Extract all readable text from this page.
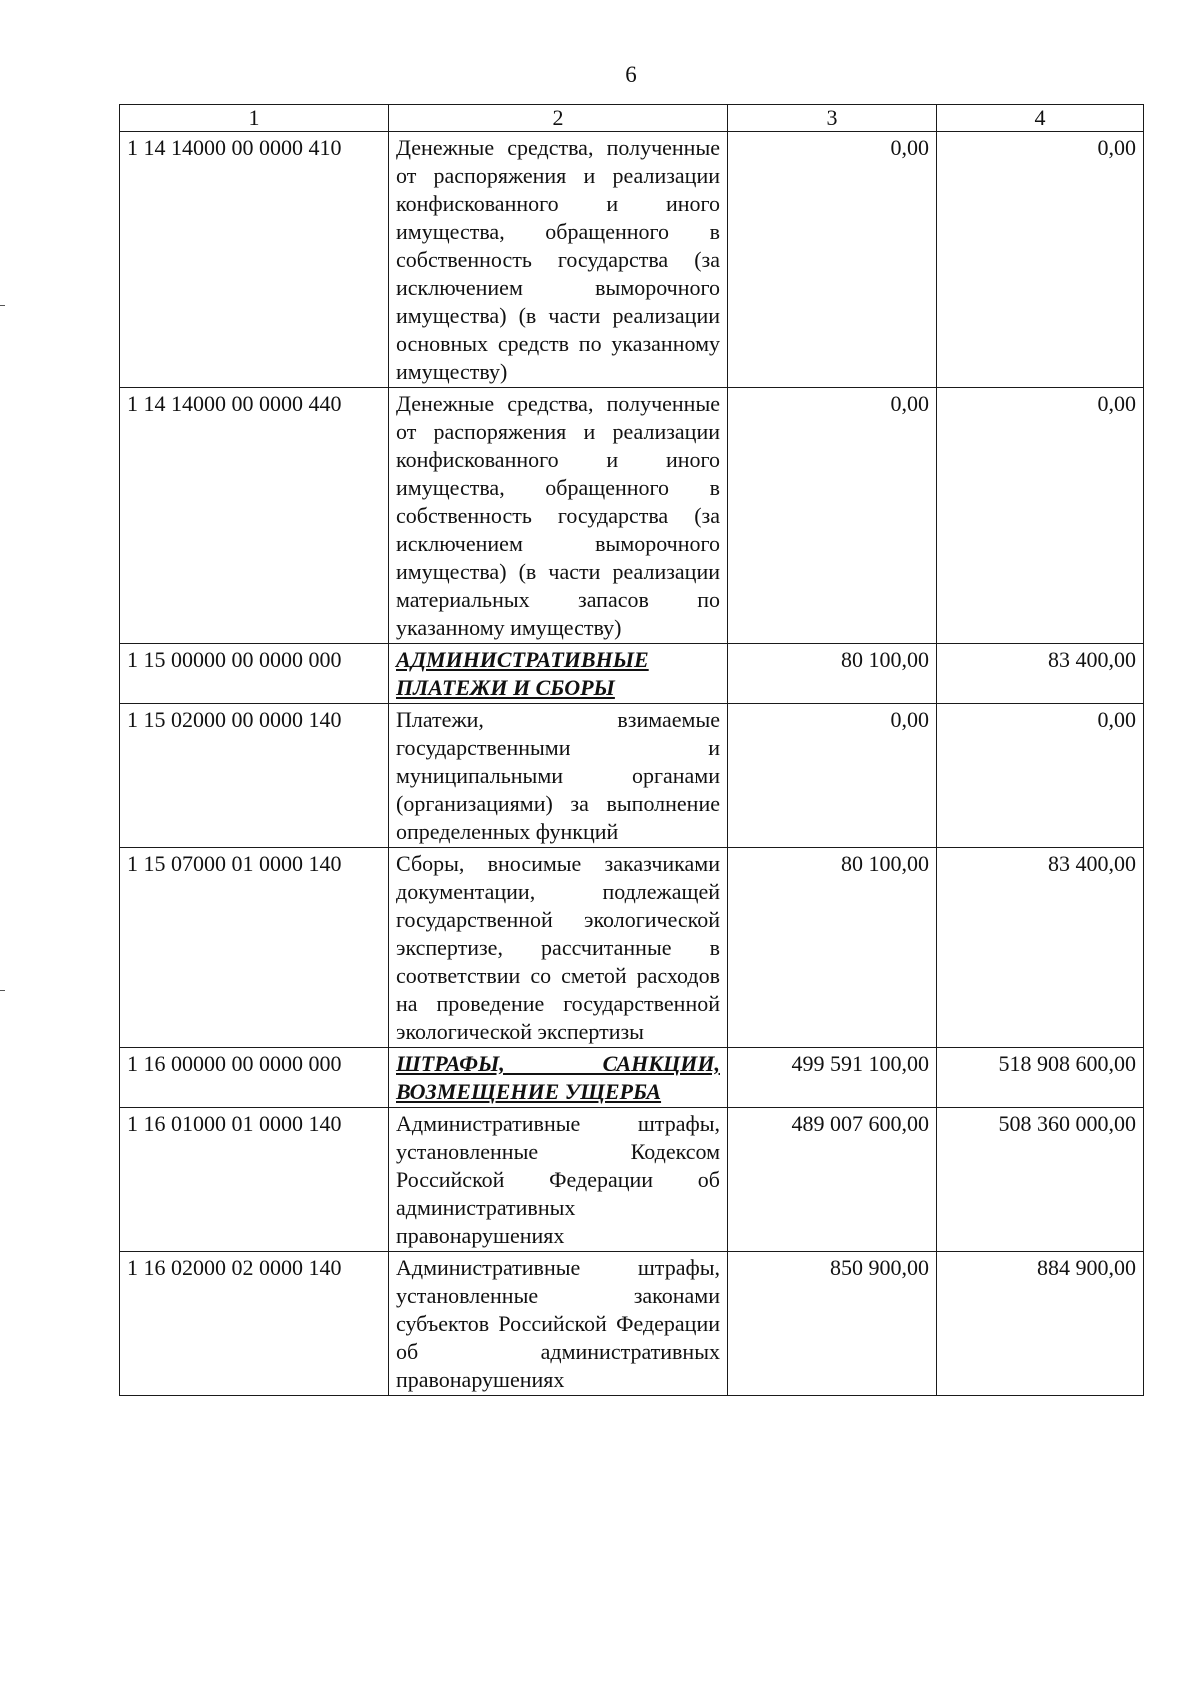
6
1	2	3	4
1 14 14000 00 0000 410	Денежные средства, полученные от распоряжения и реализации конфискованного и иного имущества, обращенного в собственность государства (за исключением выморочного имущества) (в части реализации основных средств по указанному имуществу)	0,00	0,00
1 14 14000 00 0000 440	Денежные средства, полученные от распоряжения и реализации конфискованного и иного имущества, обращенного в собственность государства (за исключением выморочного имущества) (в части реализации материальных запасов по указанному имуществу)	0,00	0,00
1 15 00000 00 0000 000	АДМИНИСТРАТИВНЫЕ ПЛАТЕЖИ И СБОРЫ	80 100,00	83 400,00
1 15 02000 00 0000 140	Платежи, взимаемые государственными и муниципальными органами (организациями) за выполнение определенных функций	0,00	0,00
1 15 07000 01 0000 140	Сборы, вносимые заказчиками документации, подлежащей государственной экологической экспертизе, рассчитанные в соответствии со сметой расходов на проведение государственной экологической экспертизы	80 100,00	83 400,00
1 16 00000 00 0000 000	ШТРАФЫ, САНКЦИИ, ВОЗМЕЩЕНИЕ УЩЕРБА	499 591 100,00	518 908 600,00
1 16 01000 01 0000 140	Административные штрафы, установленные Кодексом Российской Федерации об административных правонарушениях	489 007 600,00	508 360 000,00
1 16 02000 02 0000 140	Административные штрафы, установленные законами субъектов Российской Федерации об административных правонарушениях	850 900,00	884 900,00
